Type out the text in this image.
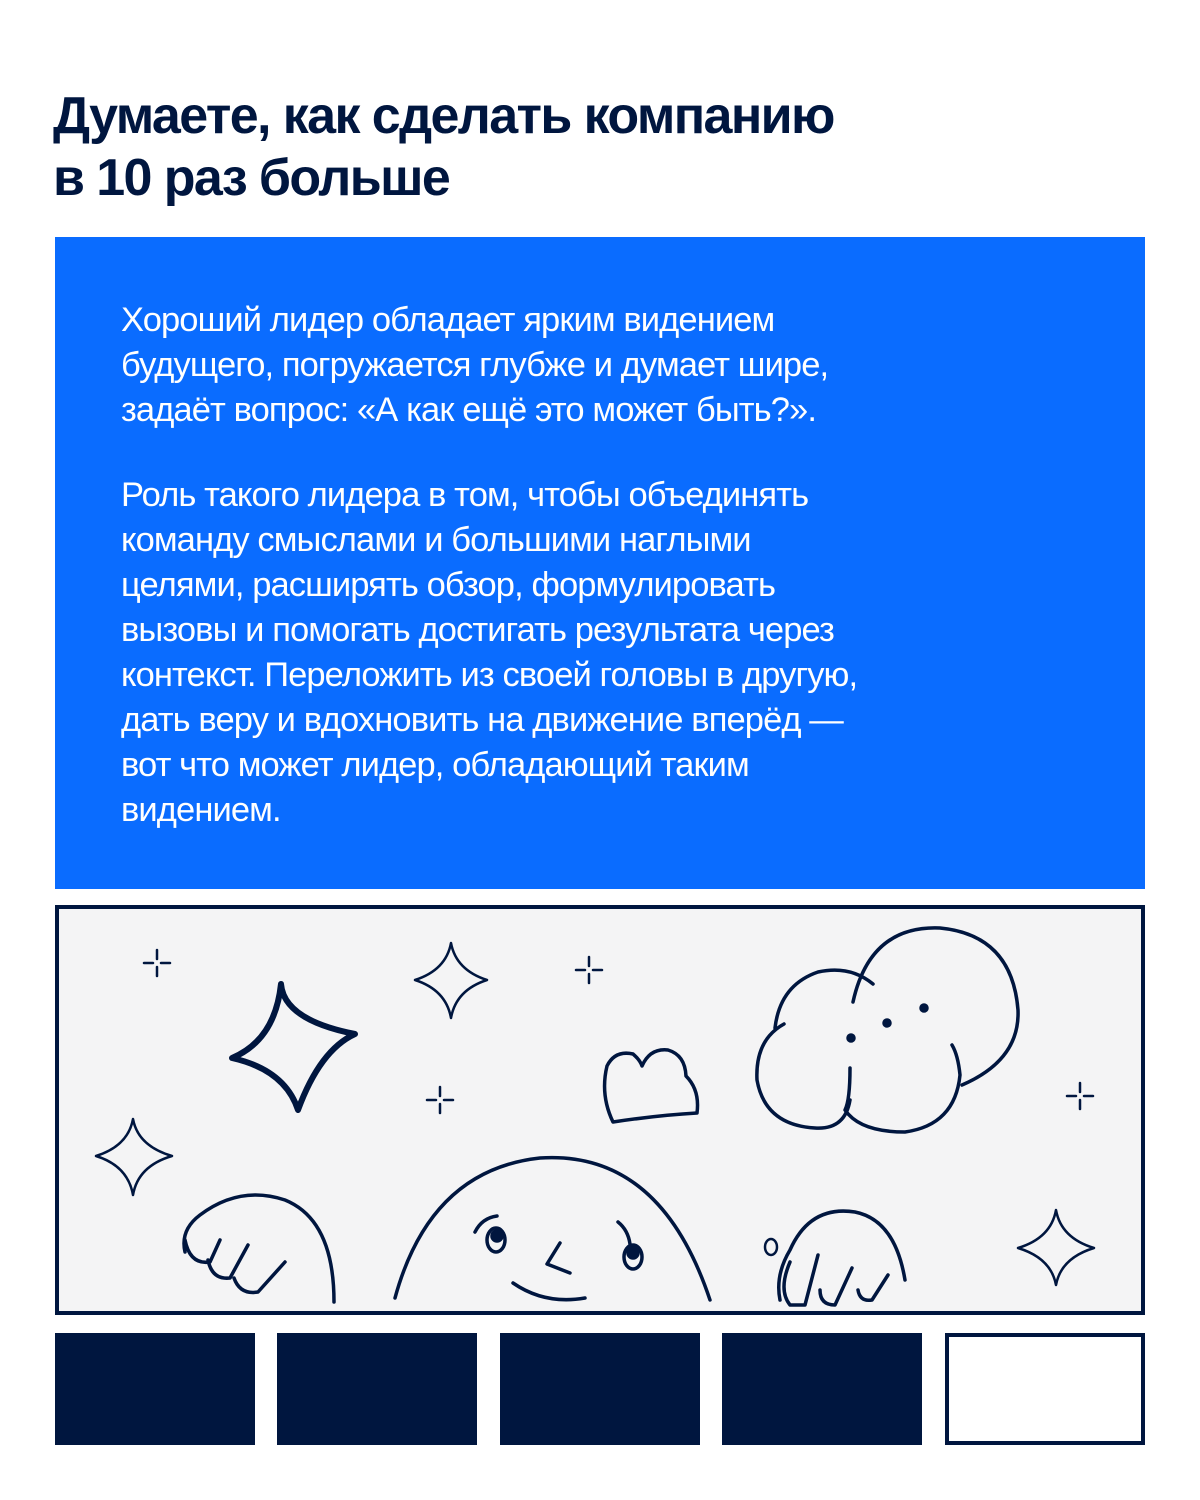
Думаете, как сделать компанию
в 10 раз больше
Хороший лидер обладает ярким видением
будущего, погружается глубже и думает шире,
задаёт вопрос: «А как ещё это может быть?».
Роль такого лидера в том, чтобы объединять
команду смыслами и большими наглыми
целями, расширять обзор, формулировать
вызовы и помогать достигать результата через
контекст. Переложить из своей головы в другую,
дать веру и вдохновить на движение вперёд —
вот что может лидер, обладающий таким
видением.
